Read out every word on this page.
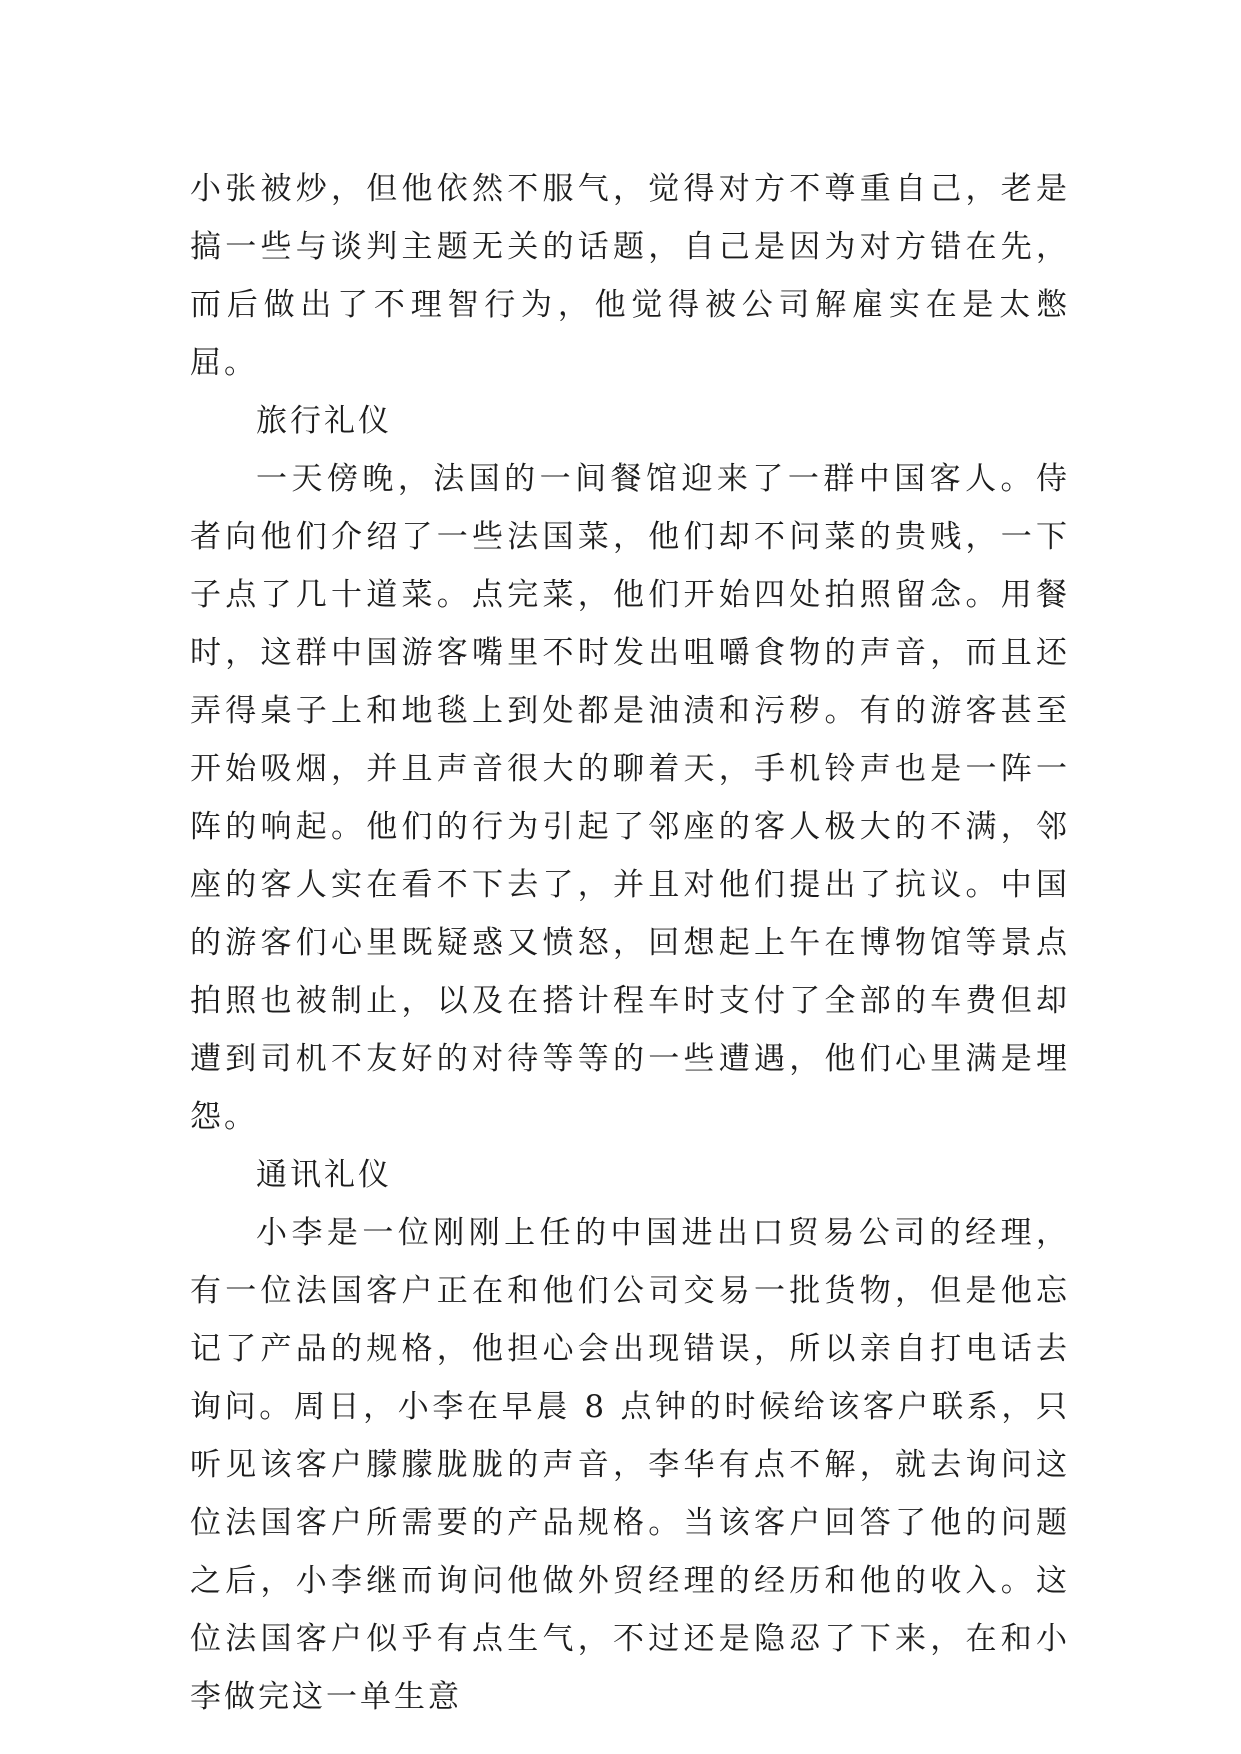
小张被炒，但他依然不服气，觉得对方不尊重自己，老是搞一些与谈判主题无关的话题，自己是因为对方错在先，而后做出了不理智行为，他觉得被公司解雇实在是太憋屈。

旅行礼仪

一天傍晚，法国的一间餐馆迎来了一群中国客人。侍者向他们介绍了一些法国菜，他们却不问菜的贵贱，一下子点了几十道菜。点完菜，他们开始四处拍照留念。用餐时，这群中国游客嘴里不时发出咀嚼食物的声音，而且还弄得桌子上和地毯上到处都是油渍和污秽。有的游客甚至开始吸烟，并且声音很大的聊着天，手机铃声也是一阵一阵的响起。他们的行为引起了邻座的客人极大的不满，邻座的客人实在看不下去了，并且对他们提出了抗议。中国的游客们心里既疑惑又愤怒，回想起上午在博物馆等景点拍照也被制止，以及在搭计程车时支付了全部的车费但却遭到司机不友好的对待等等的一些遭遇，他们心里满是埋怨。

通讯礼仪

小李是一位刚刚上任的中国进出口贸易公司的经理，有一位法国客户正在和他们公司交易一批货物，但是他忘记了产品的规格，他担心会出现错误，所以亲自打电话去询问。周日，小李在早晨 8 点钟的时候给该客户联系，只听见该客户朦朦胧胧的声音，李华有点不解，就去询问这位法国客户所需要的产品规格。当该客户回答了他的问题之后，小李继而询问他做外贸经理的经历和他的收入。这位法国客户似乎有点生气，不过还是隐忍了下来，在和小李做完这一单生意
